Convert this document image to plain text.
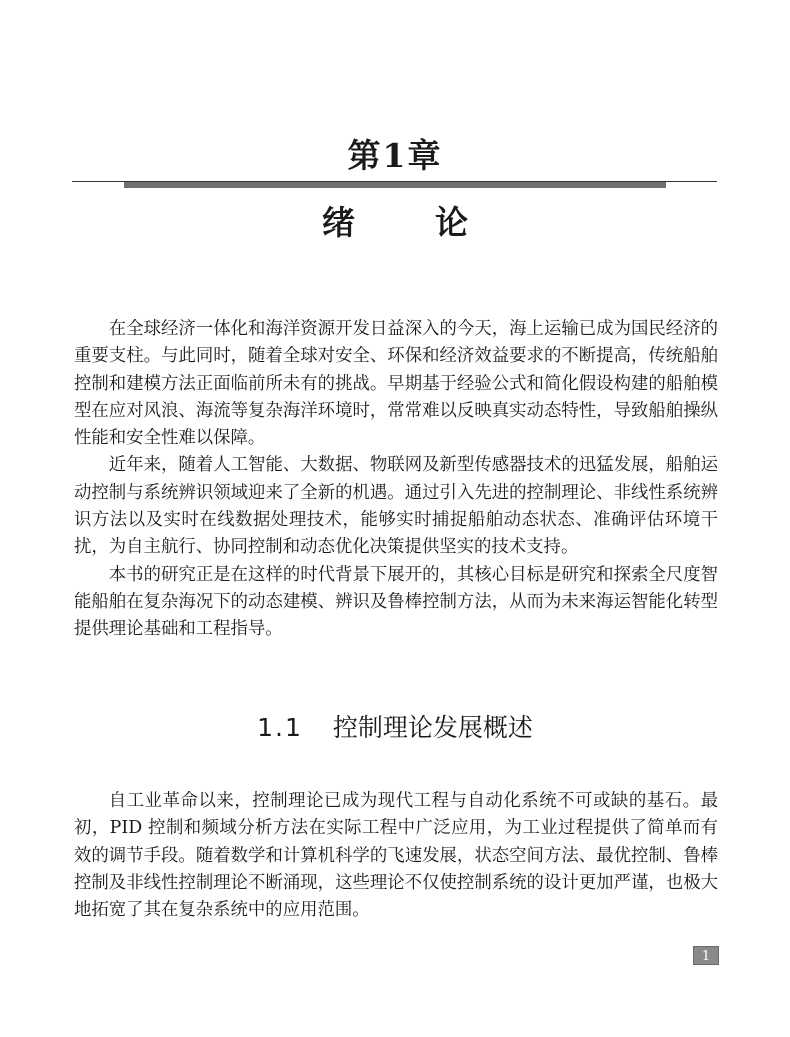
第1章
绪 论

在全球经济一体化和海洋资源开发日益深入的今天，海上运输已成为国民经济的重要支柱。与此同时，随着全球对安全、环保和经济效益要求的不断提高，传统船舶控制和建模方法正面临前所未有的挑战。早期基于经验公式和简化假设构建的船舶模型在应对风浪、海流等复杂海洋环境时，常常难以反映真实动态特性，导致船舶操纵性能和安全性难以保障。

近年来，随着人工智能、大数据、物联网及新型传感器技术的迅猛发展，船舶运动控制与系统辨识领域迎来了全新的机遇。通过引入先进的控制理论、非线性系统辨识方法以及实时在线数据处理技术，能够实时捕捉船舶动态状态、准确评估环境干扰，为自主航行、协同控制和动态优化决策提供坚实的技术支持。

本书的研究正是在这样的时代背景下展开的，其核心目标是研究和探索全尺度智能船舶在复杂海况下的动态建模、辨识及鲁棒控制方法，从而为未来海运智能化转型提供理论基础和工程指导。

1.1 控制理论发展概述

自工业革命以来，控制理论已成为现代工程与自动化系统不可或缺的基石。最初，PID 控制和频域分析方法在实际工程中广泛应用，为工业过程提供了简单而有效的调节手段。随着数学和计算机科学的飞速发展，状态空间方法、最优控制、鲁棒控制及非线性控制理论不断涌现，这些理论不仅使控制系统的设计更加严谨，也极大地拓宽了其在复杂系统中的应用范围。

1
